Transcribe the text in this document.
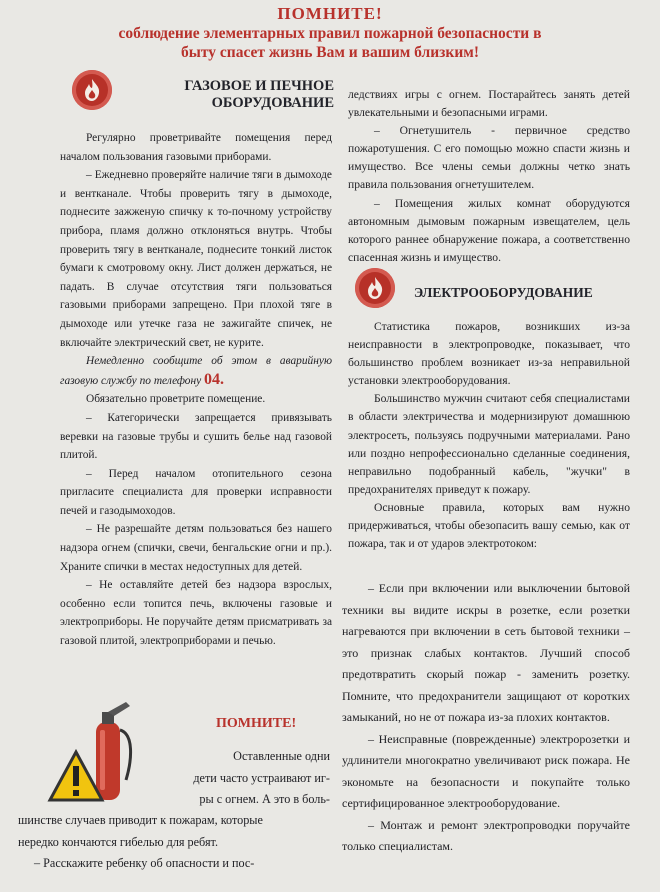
ПОМНИТЕ!
соблюдение элементарных правил пожарной безопасности в
быту спасет жизнь Вам и вашим близким!
ГАЗОВОЕ И ПЕЧНОЕ
ОБОРУДОВАНИЕ

Регулярно проветривайте помещения перед началом пользования газовыми приборами.

– Ежедневно проверяйте наличие тяги в дымоходе и вентканале. Чтобы проверить тягу в дымоходе, поднесите зажженую спичку к то-почному устройству прибора, пламя должно отклоняться внутрь. Чтобы проверить тягу в вентканале, поднесите тонкий листок бумаги к смотровому окну. Лист должен держаться, не падать. В случае отсутствия тяги пользоваться газовыми приборами запрещено. При плохой тяге в дымоходе или утечке газа не зажигайте спичек, не включайте электрический свет, не курите.

Немедленно сообщите об этом в аварийную газовую службу по телефону 04.

Обязательно проветрите помещение.

– Категорически запрещается привязывать веревки на газовые трубы и сушить белье над газовой плитой.

– Перед началом отопительного сезона пригласите специалиста для проверки исправности печей и газодымоходов.

– Не разрешайте детям пользоваться без нашего надзора огнем (спички, свечи, бенгальские огни и пр.). Храните спички в местах недоступных для детей.

– Не оставляйте детей без надзора взрослых, особенно если топится печь, включены газовые и электроприборы. Не поручайте детям присматривать за газовой плитой, электроприборами и печью.

ПОМНИТЕ!

Оставленные одни

дети часто устраивают иг-

ры с огнем. А это в боль-

шинстве случаев приводит к пожарам, которые

нередко кончаются гибелью для ребят.

– Расскажите ребенку об опасности и пос-

ледствиях игры с огнем. Постарайтесь занять детей увлекательными и безопасными играми.

– Огнетушитель - первичное средство пожаротушения. С его помощью можно спасти жизнь и имущество. Все члены семьи должны четко знать правила пользования огнетушителем.

– Помещения жилых комнат оборудуются автономным дымовым пожарным извещателем, цель которого раннее обнаружение пожара, а соответственно спасенная жизнь и имущество.

ЭЛЕКТРООБОРУДОВАНИЕ

Статистика пожаров, возникших из-за неисправности в электропроводке, показывает, что большинство проблем возникает из-за неправильной установки электрооборудования.

Большинство мужчин считают себя специалистами в области электричества и модернизируют домашнюю электросеть, пользуясь подручными материалами. Рано или поздно непрофессионально сделанные соединения, неправильно подобранный кабель, "жучки" в предохранителях приведут к пожару.

Основные правила, которых вам нужно придерживаться, чтобы обезопасить вашу семью, как от пожара, так и от ударов электротоком:

– Если при включении или выключении бытовой техники вы видите искры в розетке, если розетки нагреваются при включении в сеть бытовой техники – это признак слабых контактов. Лучший способ предотвратить скорый пожар - заменить розетку. Помните, что предохранители защищают от коротких замыканий, но не от пожара из-за плохих контактов.

– Неисправные (поврежденные) электророзетки и удлинители многократно увеличивают риск пожара. Не экономьте на безопасности и покупайте только сертифицированное электрооборудование.

– Монтаж и ремонт электропроводки поручайте только специалистам.
